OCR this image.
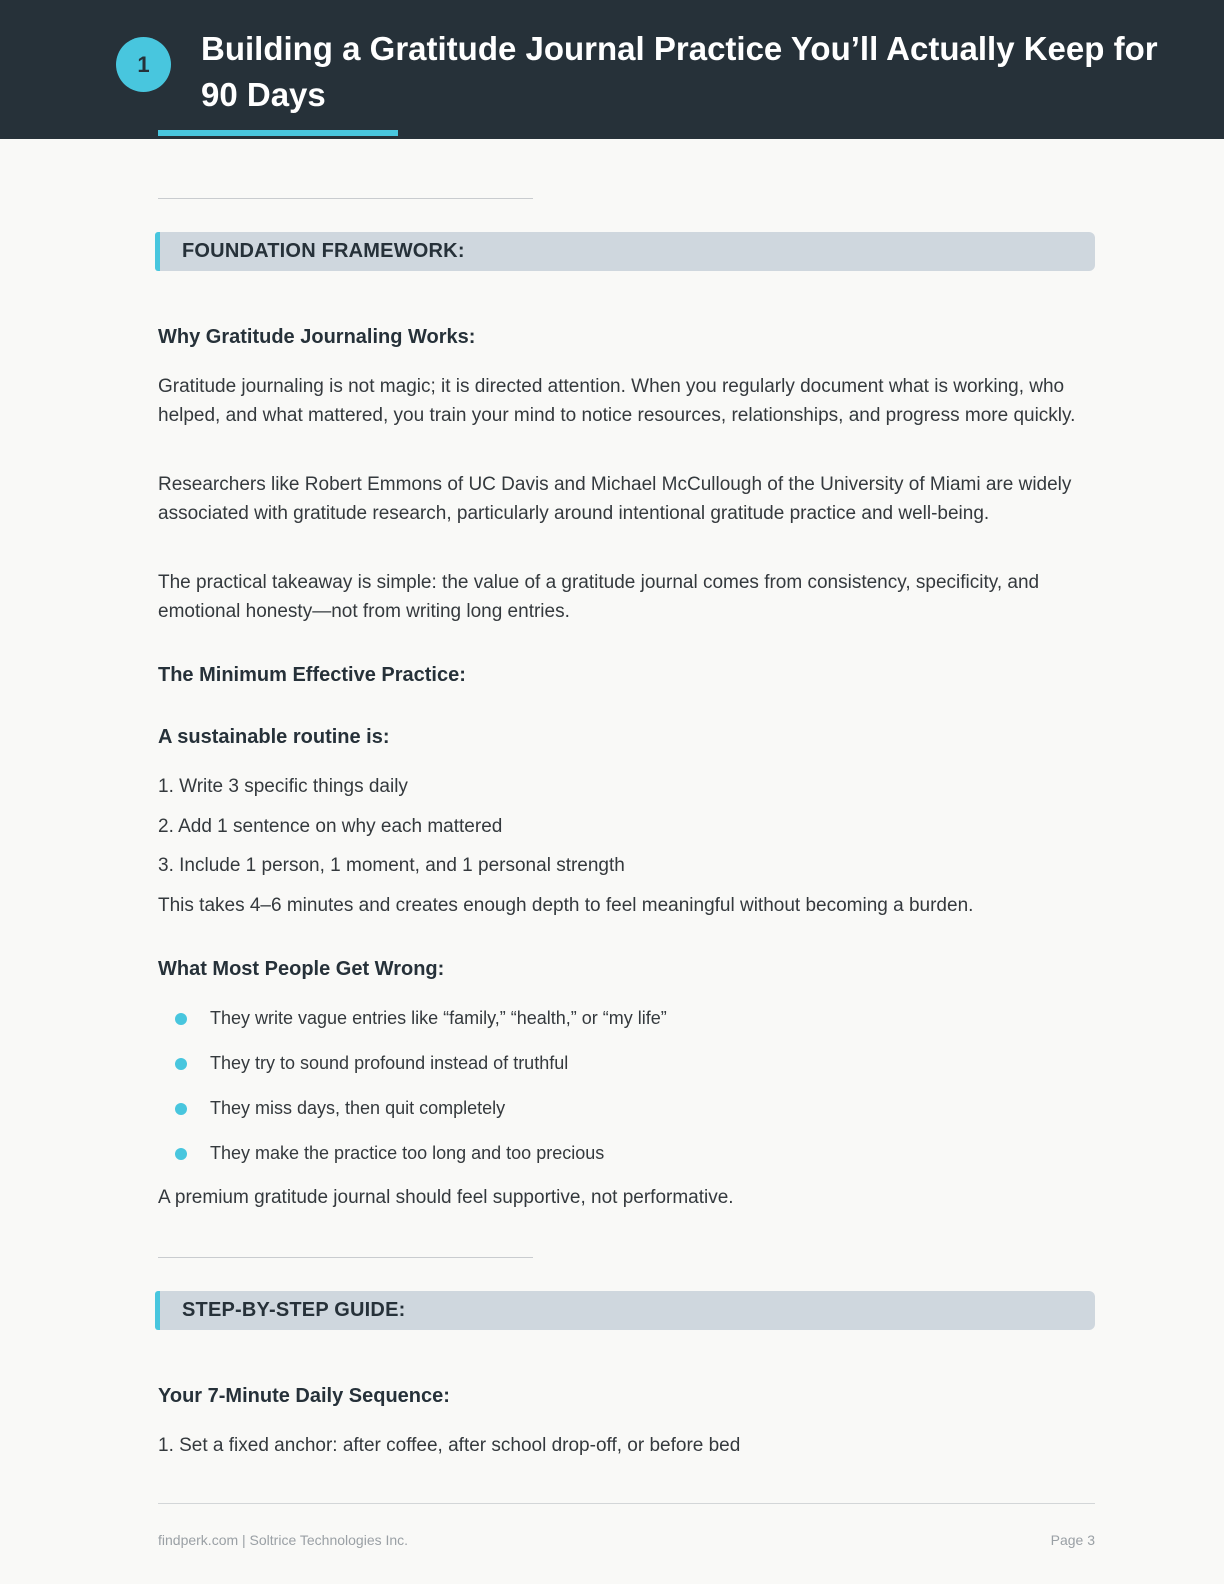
1	Building a Gratitude Journal Practice You’ll Actually Keep for 90 Days
FOUNDATION FRAMEWORK:
Why Gratitude Journaling Works:

Gratitude journaling is not magic; it is directed attention. When you regularly document what is working, who helped, and what mattered, you train your mind to notice resources, relationships, and progress more quickly.

Researchers like Robert Emmons of UC Davis and Michael McCullough of the University of Miami are widely associated with gratitude research, particularly around intentional gratitude practice and well-being.

The practical takeaway is simple: the value of a gratitude journal comes from consistency, specificity, and emotional honesty—not from writing long entries.

The Minimum Effective Practice:
A sustainable routine is:

1. Write 3 specific things daily

2. Add 1 sentence on why each mattered

3. Include 1 person, 1 moment, and 1 personal strength

This takes 4–6 minutes and creates enough depth to feel meaningful without becoming a burden.

What Most People Get Wrong:
They write vague entries like “family,” “health,” or “my life”
They try to sound profound instead of truthful
They miss days, then quit completely
They make the practice too long and too precious

A premium gratitude journal should feel supportive, not performative.

STEP-BY-STEP GUIDE:
Your 7-Minute Daily Sequence:

1. Set a fixed anchor: after coffee, after school drop-off, or before bed

findperk.com | Soltrice Technologies Inc.	Page 3
